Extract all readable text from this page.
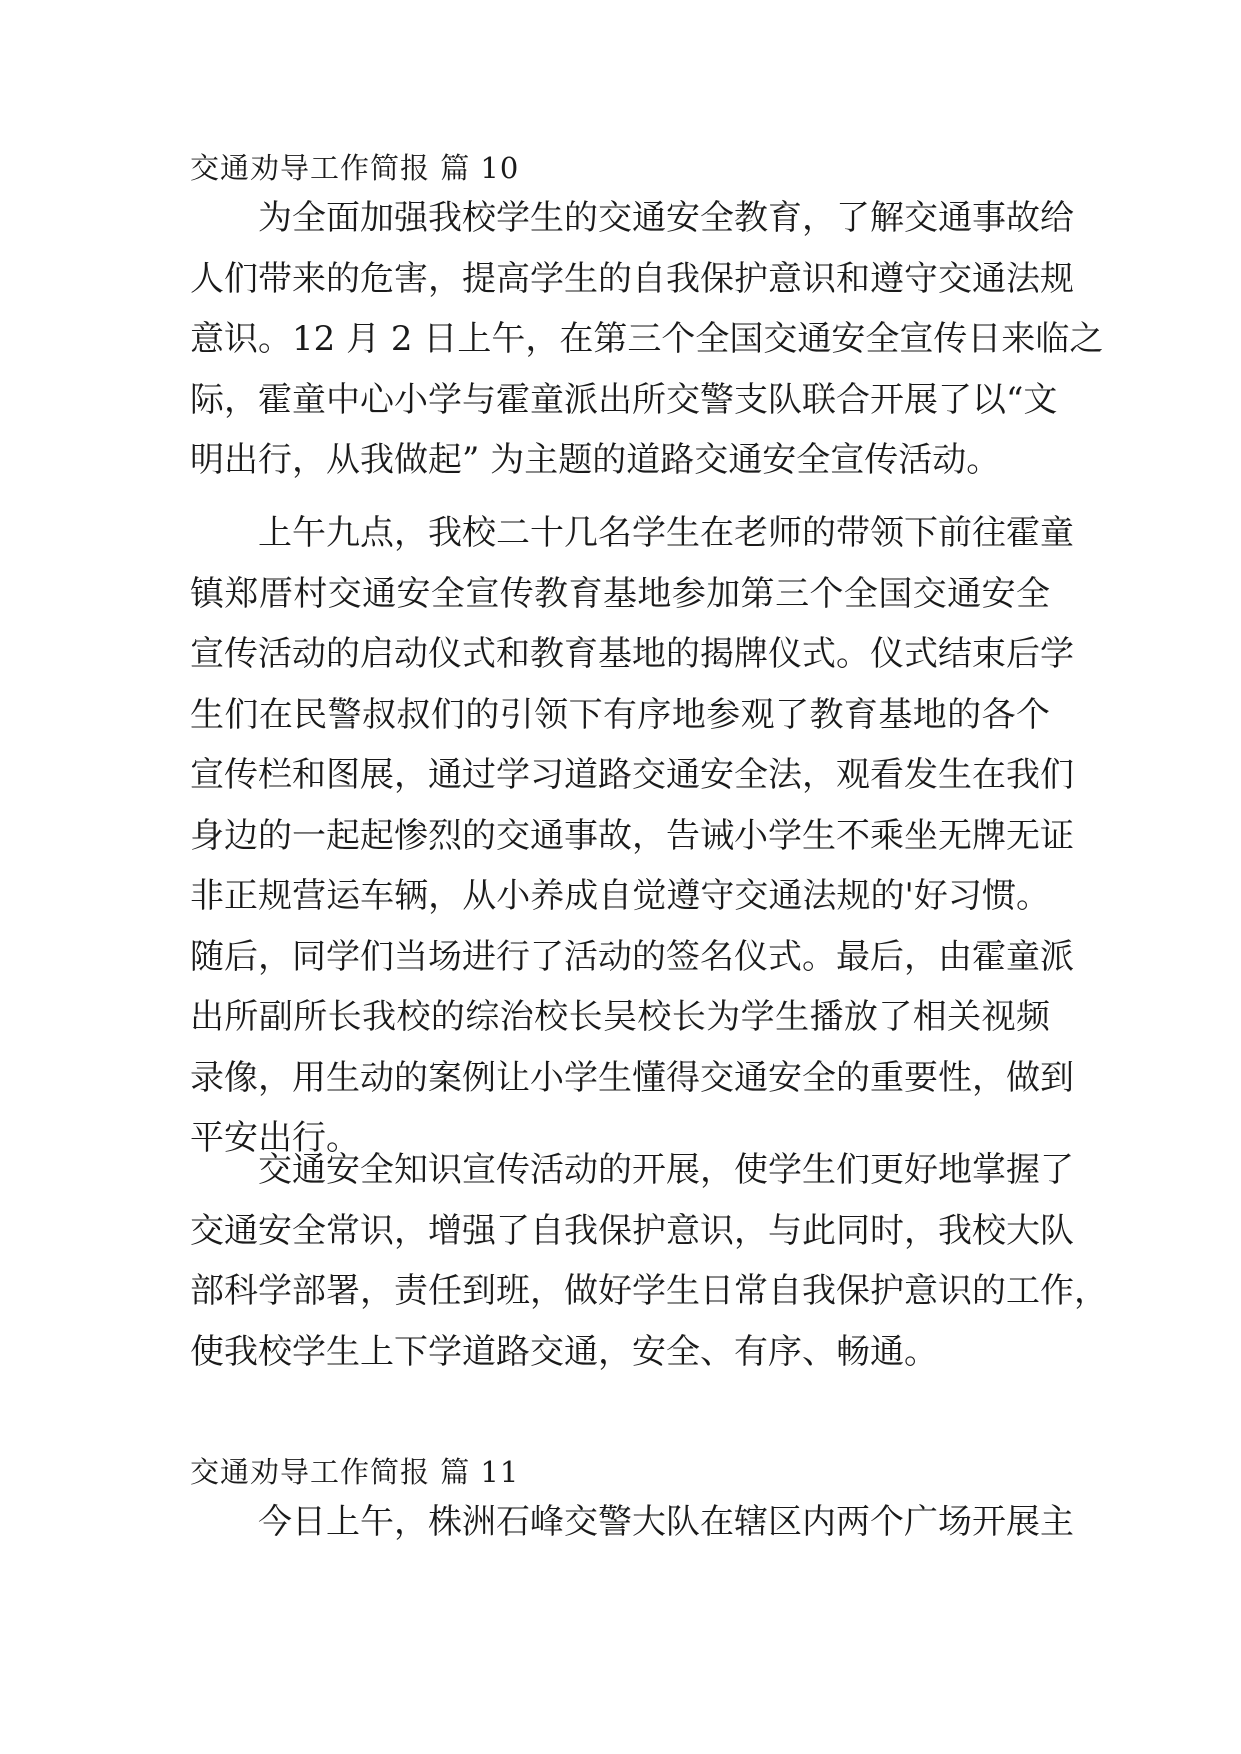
交通劝导工作简报 篇 10
为全面加强我校学生的交通安全教育，了解交通事故给
人们带来的危害，提高学生的自我保护意识和遵守交通法规
意识。12 月 2 日上午，在第三个全国交通安全宣传日来临之
际，霍童中心小学与霍童派出所交警支队联合开展了以“文
明出行，从我做起” 为主题的道路交通安全宣传活动。
上午九点，我校二十几名学生在老师的带领下前往霍童
镇郑厝村交通安全宣传教育基地参加第三个全国交通安全
宣传活动的启动仪式和教育基地的揭牌仪式。仪式结束后学
生们在民警叔叔们的引领下有序地参观了教育基地的各个
宣传栏和图展，通过学习道路交通安全法，观看发生在我们
身边的一起起惨烈的交通事故，告诫小学生不乘坐无牌无证
非正规营运车辆，从小养成自觉遵守交通法规的'好习惯。
随后，同学们当场进行了活动的签名仪式。最后，由霍童派
出所副所长我校的综治校长吴校长为学生播放了相关视频
录像，用生动的案例让小学生懂得交通安全的重要性，做到
平安出行。
交通安全知识宣传活动的开展，使学生们更好地掌握了
交通安全常识，增强了自我保护意识，与此同时，我校大队
部科学部署，责任到班，做好学生日常自我保护意识的工作，
使我校学生上下学道路交通，安全、有序、畅通。
交通劝导工作简报 篇 11
今日上午，株洲石峰交警大队在辖区内两个广场开展主
